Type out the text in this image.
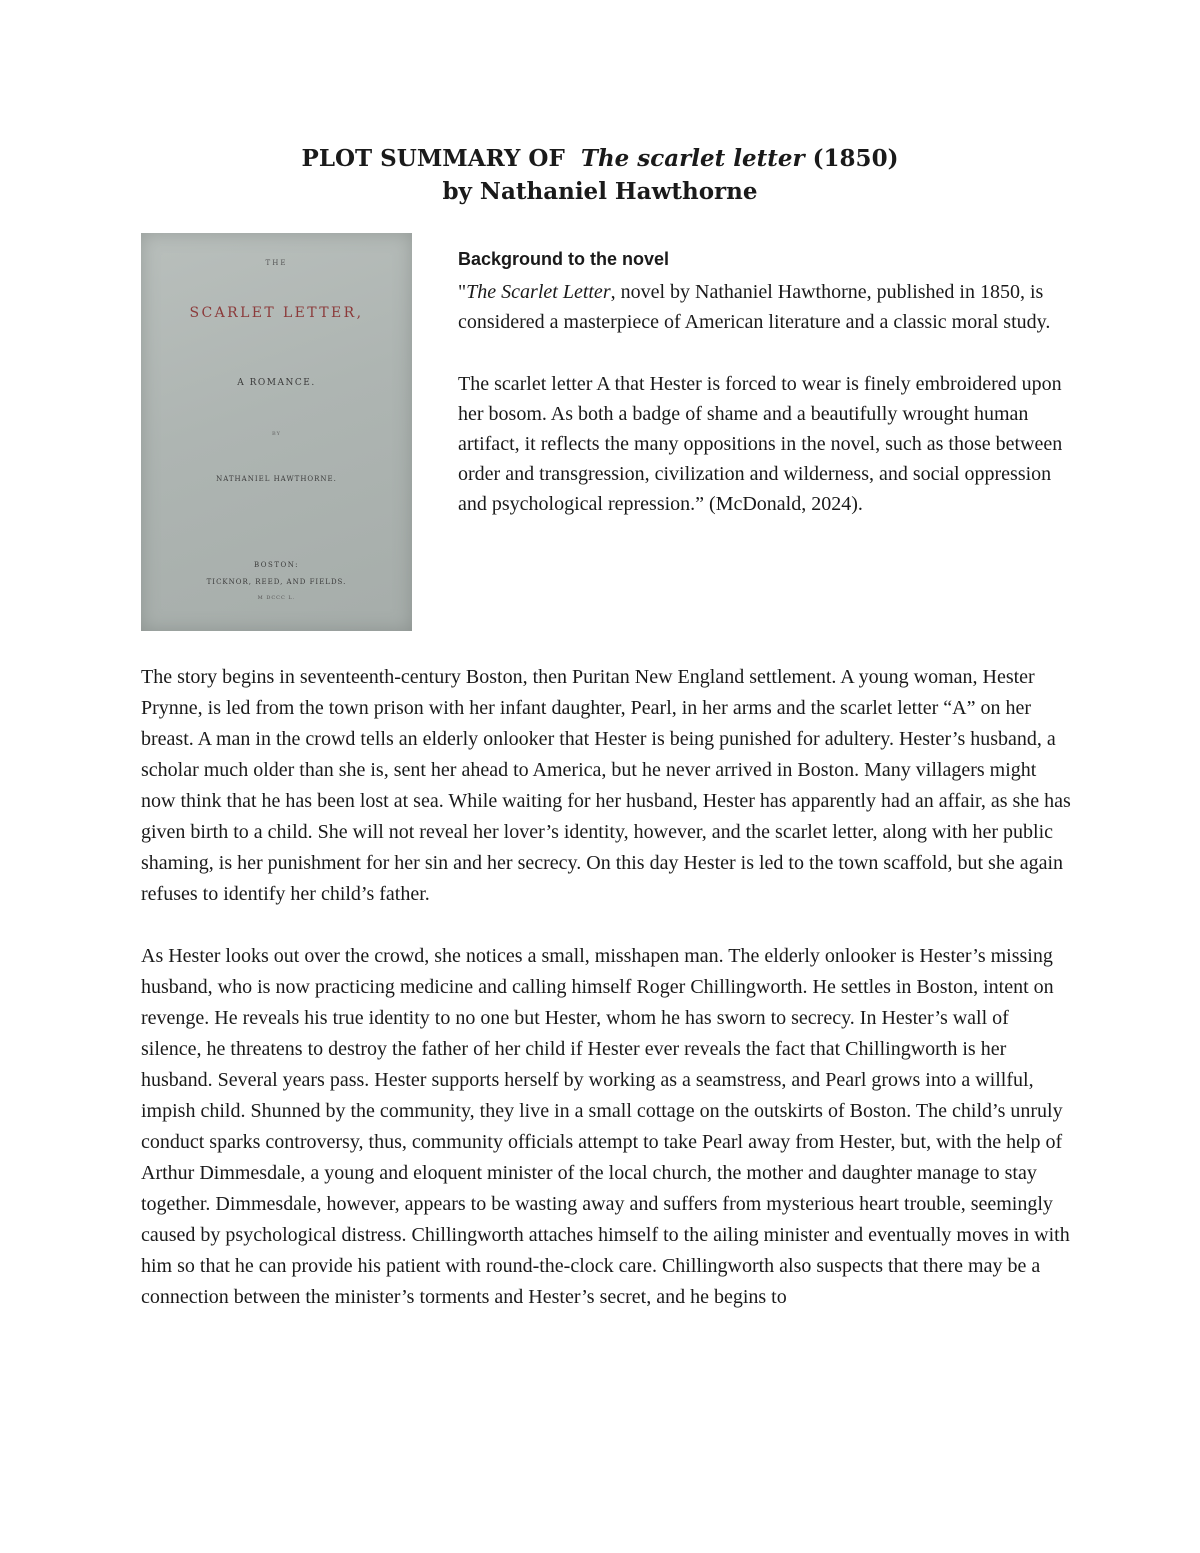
PLOT SUMMARY OF The scarlet letter (1850)
by Nathaniel Hawthorne
THE
SCARLET LETTER,
A ROMANCE.
BY
NATHANIEL HAWTHORNE.
BOSTON:
TICKNOR, REED, AND FIELDS.
M DCCC L.
Background to the novel

"The Scarlet Letter, novel by Nathaniel Hawthorne, published in 1850, is considered a masterpiece of American literature and a classic moral study.

The scarlet letter A that Hester is forced to wear is finely embroidered upon her bosom. As both a badge of shame and a beautifully wrought human artifact, it reflects the many oppositions in the novel, such as those between order and transgression, civilization and wilderness, and social oppression and psychological repression.” (McDonald, 2024).

The story begins in seventeenth-century Boston, then Puritan New England settlement. A young woman, Hester Prynne, is led from the town prison with her infant daughter, Pearl, in her arms and the scarlet letter “A” on her breast. A man in the crowd tells an elderly onlooker that Hester is being punished for adultery. Hester’s husband, a scholar much older than she is, sent her ahead to America, but he never arrived in Boston. Many villagers might now think that he has been lost at sea. While waiting for her husband, Hester has apparently had an affair, as she has given birth to a child. She will not reveal her lover’s identity, however, and the scarlet letter, along with her public shaming, is her punishment for her sin and her secrecy. On this day Hester is led to the town scaffold, but she again refuses to identify her child’s father.

As Hester looks out over the crowd, she notices a small, misshapen man. The elderly onlooker is Hester’s missing husband, who is now practicing medicine and calling himself Roger Chillingworth. He settles in Boston, intent on revenge. He reveals his true identity to no one but Hester, whom he has sworn to secrecy. In Hester’s wall of silence, he threatens to destroy the father of her child if Hester ever reveals the fact that Chillingworth is her husband. Several years pass. Hester supports herself by working as a seamstress, and Pearl grows into a willful, impish child. Shunned by the community, they live in a small cottage on the outskirts of Boston. The child’s unruly conduct sparks controversy, thus, community officials attempt to take Pearl away from Hester, but, with the help of Arthur Dimmesdale, a young and eloquent minister of the local church, the mother and daughter manage to stay together. Dimmesdale, however, appears to be wasting away and suffers from mysterious heart trouble, seemingly caused by psychological distress. Chillingworth attaches himself to the ailing minister and eventually moves in with him so that he can provide his patient with round-the-clock care. Chillingworth also suspects that there may be a connection between the minister’s torments and Hester’s secret, and he begins to
